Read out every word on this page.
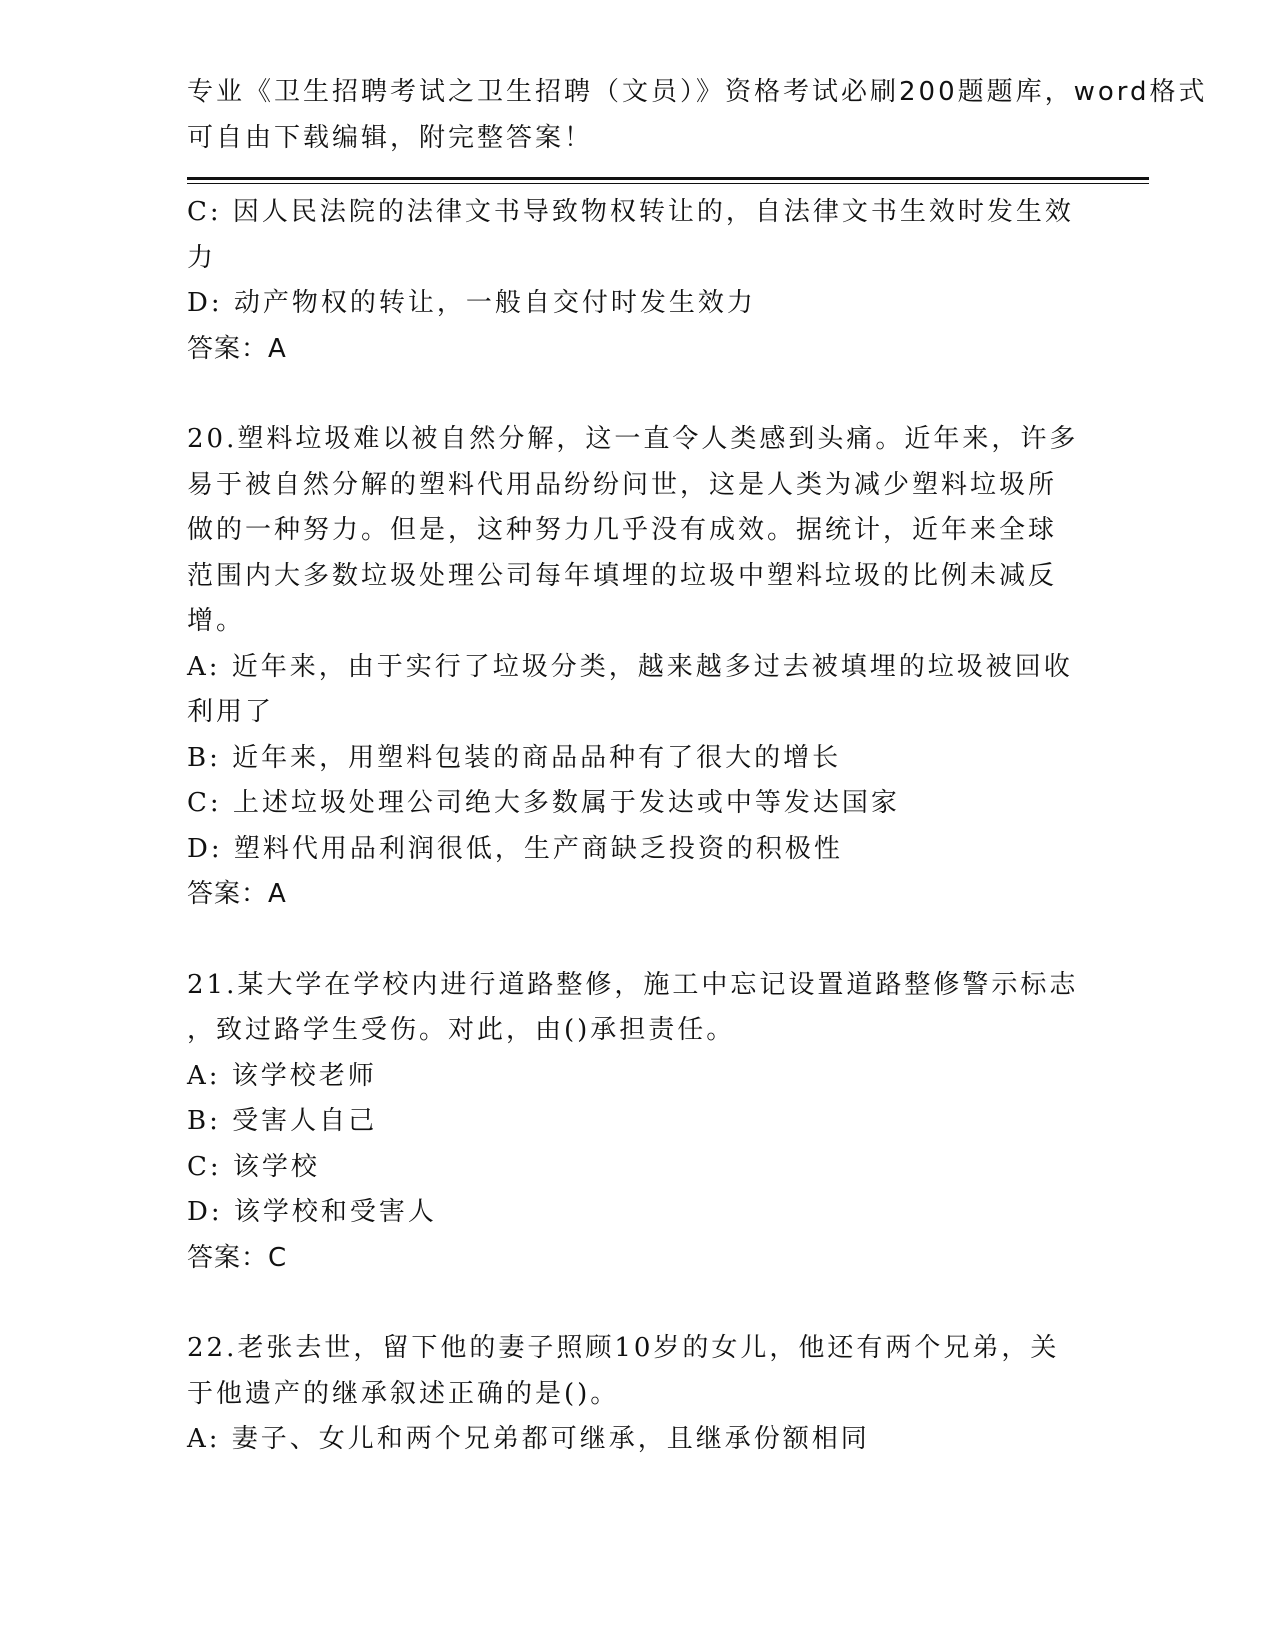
专业《卫生招聘考试之卫生招聘（文员）》资格考试必刷200题题库，word格式
可自由下载编辑，附完整答案！
C: 因人民法院的法律文书导致物权转让的，自法律文书生效时发生效
力
D: 动产物权的转让，一般自交付时发生效力
答案：A
20.塑料垃圾难以被自然分解，这一直令人类感到头痛。近年来，许多
易于被自然分解的塑料代用品纷纷问世，这是人类为减少塑料垃圾所
做的一种努力。但是，这种努力几乎没有成效。据统计，近年来全球
范围内大多数垃圾处理公司每年填埋的垃圾中塑料垃圾的比例未减反
增。
A: 近年来，由于实行了垃圾分类，越来越多过去被填埋的垃圾被回收
利用了
B: 近年来，用塑料包装的商品品种有了很大的增长
C: 上述垃圾处理公司绝大多数属于发达或中等发达国家
D: 塑料代用品利润很低，生产商缺乏投资的积极性
答案：A
21.某大学在学校内进行道路整修，施工中忘记设置道路整修警示标志
，致过路学生受伤。对此，由()承担责任。
A: 该学校老师
B: 受害人自己
C: 该学校
D: 该学校和受害人
答案：C
22.老张去世，留下他的妻子照顾10岁的女儿，他还有两个兄弟，关
于他遗产的继承叙述正确的是()。
A: 妻子、女儿和两个兄弟都可继承，且继承份额相同
